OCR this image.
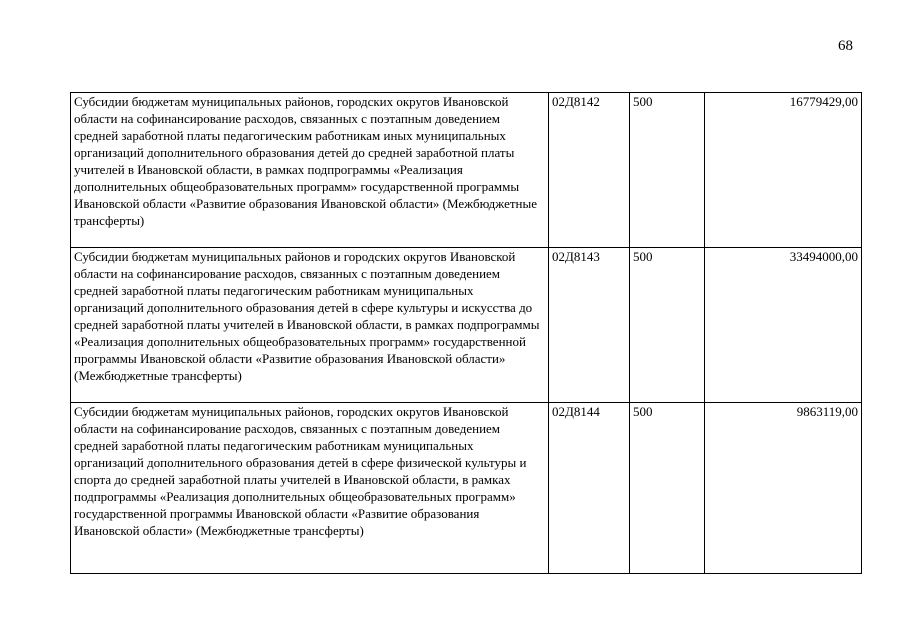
68
Субсидии бюджетам муниципальных районов, городских округов Ивановской области на софинансирование расходов, связанных с поэтапным доведением средней заработной платы педагогическим работникам иных муниципальных организаций дополнительного образования детей до средней заработной платы учителей в Ивановской области, в рамках подпрограммы «Реализация дополнительных общеобразовательных программ» государственной программы Ивановской области «Развитие образования Ивановской области» (Межбюджетные трансферты)	02Д8142	500	16779429,00
Субсидии бюджетам муниципальных районов и городских округов Ивановской области на софинансирование расходов, связанных с поэтапным доведением средней заработной платы педагогическим работникам муниципальных организаций дополнительного образования детей в сфере культуры и искусства до средней заработной платы учителей в Ивановской области, в рамках подпрограммы «Реализация дополнительных общеобразовательных программ» государственной программы Ивановской области «Развитие образования Ивановской области» (Межбюджетные трансферты)	02Д8143	500	33494000,00
Субсидии бюджетам муниципальных районов, городских округов Ивановской области на софинансирование расходов, связанных с поэтапным доведением средней заработной платы педагогическим работникам муниципальных организаций дополнительного образования детей в сфере физической культуры и спорта до средней заработной платы учителей в Ивановской области, в рамках подпрограммы «Реализация дополнительных общеобразовательных программ» государственной программы Ивановской области «Развитие образования Ивановской области» (Межбюджетные трансферты)	02Д8144	500	9863119,00
